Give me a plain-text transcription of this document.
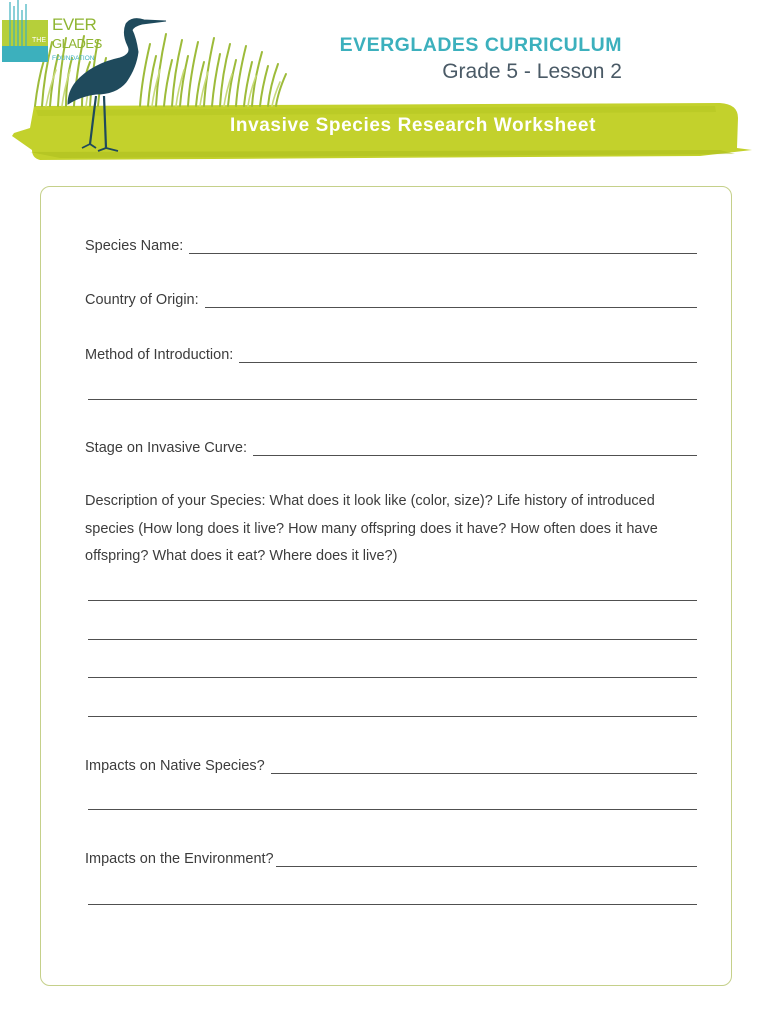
EVERGLADES CURRICULUM
Grade 5 - Lesson 2
Invasive Species Research Worksheet
THE
EVER
GLADES
FOUNDATION
Species Name:
Country of Origin:
Method of Introduction:
Stage on Invasive Curve:
Description of your Species: What does it look like (color, size)? Life history of introduced species (How long does it live? How many offspring does it have? How often does it have offspring? What does it eat? Where does it live?)
Impacts on Native Species?
Impacts on the Environment?
